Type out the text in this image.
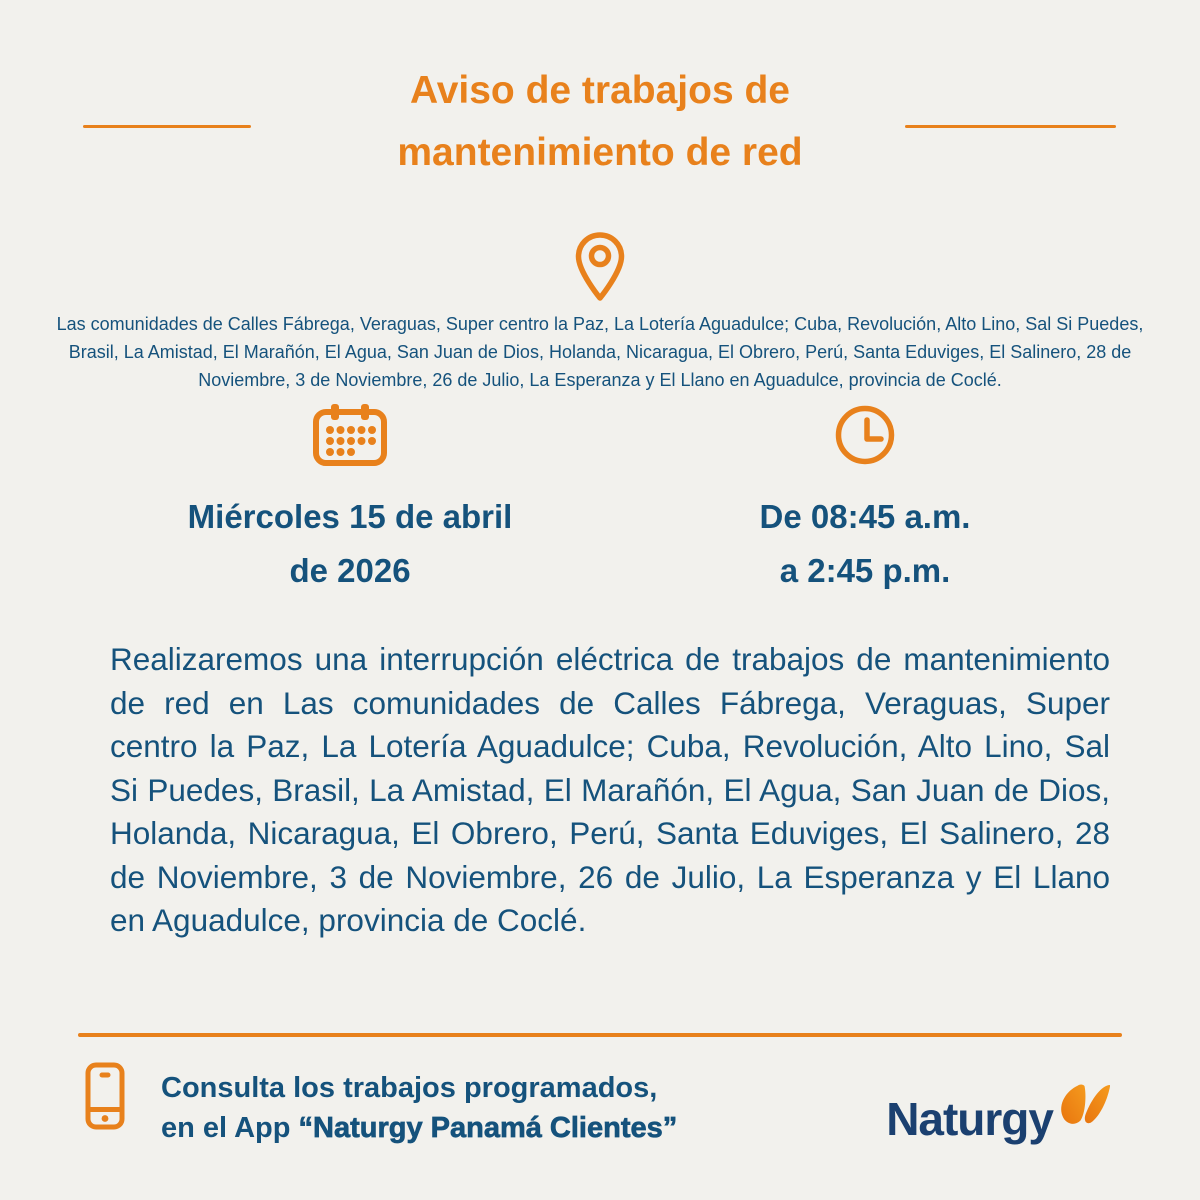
Aviso de trabajos de
mantenimiento de red
Las comunidades de Calles Fábrega, Veraguas, Super centro la Paz, La Lotería Aguadulce; Cuba, Revolución, Alto Lino, Sal Si Puedes, Brasil, La Amistad, El Marañón, El Agua, San Juan de Dios, Holanda, Nicaragua, El Obrero, Perú, Santa Eduviges, El Salinero, 28 de Noviembre, 3 de Noviembre, 26 de Julio, La Esperanza y El Llano en Aguadulce, provincia de Coclé.
Miércoles 15 de abril
de 2026
De 08:45 a.m.
a 2:45 p.m.
Realizaremos una interrupción eléctrica de trabajos de mantenimiento de red en Las comunidades de Calles Fábrega, Veraguas, Super centro la Paz, La Lotería Aguadulce; Cuba, Revolución, Alto Lino, Sal Si Puedes, Brasil, La Amistad, El Marañón, El Agua, San Juan de Dios, Holanda, Nicaragua, El Obrero, Perú, Santa Eduviges, El Salinero, 28 de Noviembre, 3 de Noviembre, 26 de Julio, La Esperanza y El Llano en Aguadulce, provincia de Coclé.
Consulta los trabajos programados,
en el App “Naturgy Panamá Clientes”	Naturgy
